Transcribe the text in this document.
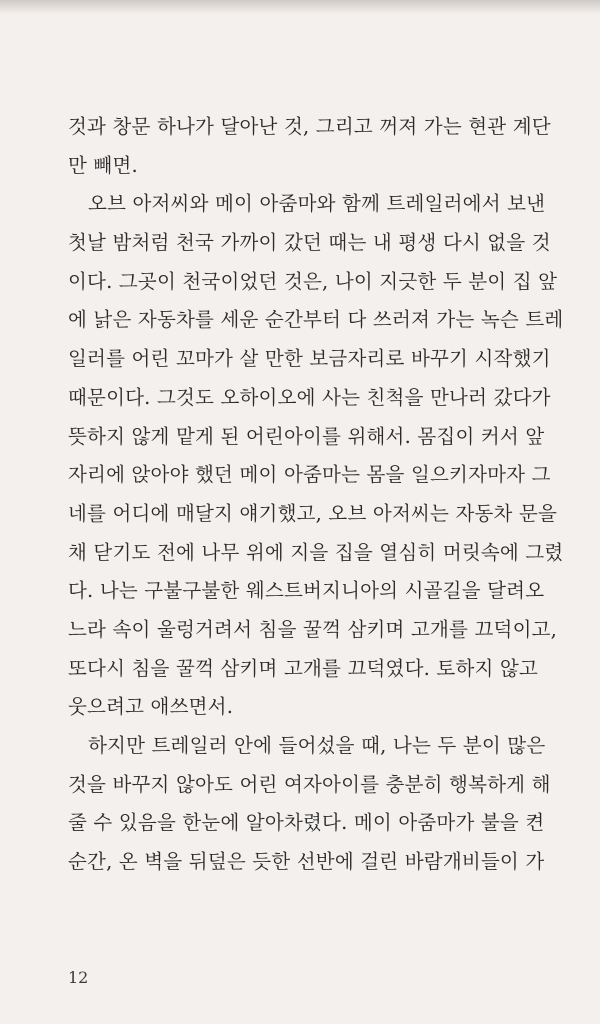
것과 창문 하나가 달아난 것, 그리고 꺼져 가는 현관 계단
만 빼면.
오브 아저씨와 메이 아줌마와 함께 트레일러에서 보낸
첫날 밤처럼 천국 가까이 갔던 때는 내 평생 다시 없을 것
이다. 그곳이 천국이었던 것은, 나이 지긋한 두 분이 집 앞
에 낡은 자동차를 세운 순간부터 다 쓰러져 가는 녹슨 트레
일러를 어린 꼬마가 살 만한 보금자리로 바꾸기 시작했기
때문이다. 그것도 오하이오에 사는 친척을 만나러 갔다가
뜻하지 않게 맡게 된 어린아이를 위해서. 몸집이 커서 앞
자리에 앉아야 했던 메이 아줌마는 몸을 일으키자마자 그
네를 어디에 매달지 얘기했고, 오브 아저씨는 자동차 문을
채 닫기도 전에 나무 위에 지을 집을 열심히 머릿속에 그렸
다. 나는 구불구불한 웨스트버지니아의 시골길을 달려오
느라 속이 울렁거려서 침을 꿀꺽 삼키며 고개를 끄덕이고,
또다시 침을 꿀꺽 삼키며 고개를 끄덕였다. 토하지 않고
웃으려고 애쓰면서.
하지만 트레일러 안에 들어섰을 때, 나는 두 분이 많은
것을 바꾸지 않아도 어린 여자아이를 충분히 행복하게 해
줄 수 있음을 한눈에 알아차렸다. 메이 아줌마가 불을 켠
순간, 온 벽을 뒤덮은 듯한 선반에 걸린 바람개비들이 가
12
